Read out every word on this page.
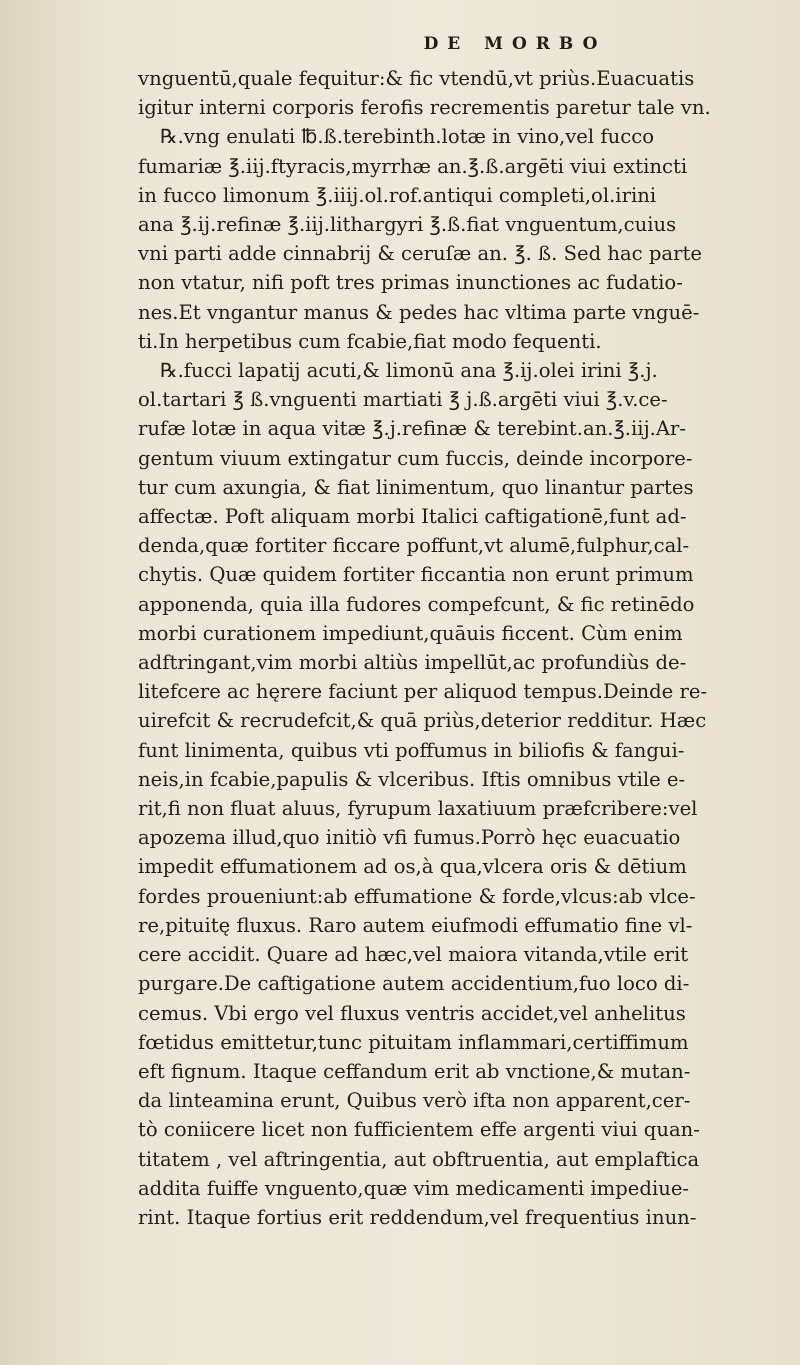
DE MORBO
vnguentū,quale fequitur:& fic vtendū,vt priùs.Euacuatis
igitur interni corporis ferofis recrementis paretur tale vn.
℞.vng enulati ℔.ß.terebinth.lotæ in vino,vel fucco
fumariæ ℥.iij.ftyracis,myrrhæ an.℥.ß.argēti viui extincti
in fucco limonum ℥.iiij.ol.rof.antiqui completi,ol.irini
ana ℥.ij.refinæ ℥.iij.lithargyri ℥.ß.fiat vnguentum,cuius
vni parti adde cinnabrij & ceruſæ an. ℥. ß. Sed hac parte
non vtatur, nifi poft tres primas inunctiones ac fudatio-
nes.Et vngantur manus & pedes hac vltima parte vnguē-
ti.In herpetibus cum fcabie,fiat modo fequenti.
℞.fucci lapatij acuti,& limonū ana ℥.ij.olei irini ℥.j.
ol.tartari ℥ ß.vnguenti martiati ℥ j.ß.argēti viui ℥.v.ce-
rufæ lotæ in aqua vitæ ℥.j.refinæ & terebint.an.℥.iij.Ar-
gentum viuum extingatur cum fuccis, deinde incorpore-
tur cum axungia, & fiat linimentum, quo linantur partes
affectæ. Poft aliquam morbi Italici caftigationē,funt ad-
denda,quæ fortiter ficcare poffunt,vt alumē,fulphur,cal-
chytis. Quæ quidem fortiter ficcantia non erunt primum
apponenda, quia illa fudores compefcunt, & fic retinēdo
morbi curationem impediunt,quāuis ficcent. Cùm enim
adftringant,vim morbi altiùs impellūt,ac profundiùs de-
litefcere ac hęrere faciunt per aliquod tempus.Deinde re-
uirefcit & recrudefcit,& quā priùs,deterior redditur. Hæc
funt linimenta, quibus vti poffumus in biliofis & fangui-
neis,in fcabie,papulis & vlceribus. Iftis omnibus vtile e-
rit,fi non fluat aluus, fyrupum laxatiuum præfcribere:vel
apozema illud,quo initiò vfi fumus.Porrò hęc euacuatio
impedit effumationem ad os,à qua,vlcera oris & dētium
fordes proueniunt:ab effumatione & forde,vlcus:ab vlce-
re,pituitę fluxus. Raro autem eiufmodi effumatio fine vl-
cere accidit. Quare ad hæc,vel maiora vitanda,vtile erit
purgare.De caftigatione autem accidentium,fuo loco di-
cemus. Vbi ergo vel fluxus ventris accidet,vel anhelitus
fœtidus emittetur,tunc pituitam inflammari,certiffimum
eft fignum. Itaque ceffandum erit ab vnctione,& mutan-
da linteamina erunt, Quibus verò ifta non apparent,cer-
tò coniicere licet non fufficientem effe argenti viui quan-
titatem , vel aftringentia, aut obftruentia, aut emplaftica
addita fuiffe vnguento,quæ vim medicamenti impediue-
rint. Itaque fortius erit reddendum,vel frequentius inun-
